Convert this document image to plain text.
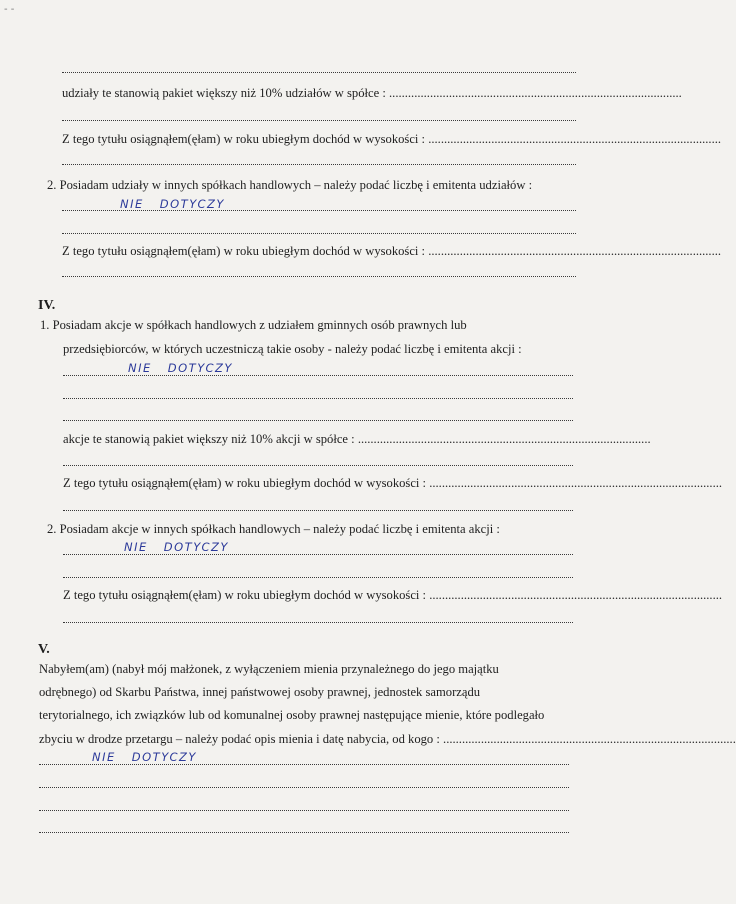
- -
udziały te stanowią pakiet większy niż 10% udziałów w spółce : .............................................................................................
Z tego tytułu osiągnąłem(ęłam) w roku ubiegłym dochód w wysokości : .............................................................................................
2. Posiadam udziały w innych spółkach handlowych – należy podać liczbę i emitenta udziałów :
NIE DOTYCZY
Z tego tytułu osiągnąłem(ęłam) w roku ubiegłym dochód w wysokości : .............................................................................................
IV.
1. Posiadam akcje w spółkach handlowych z udziałem gminnych osób prawnych lub
przedsiębiorców, w których uczestniczą takie osoby - należy podać liczbę i emitenta akcji :
NIE DOTYCZY
akcje te stanowią pakiet większy niż 10% akcji w spółce : .............................................................................................
Z tego tytułu osiągnąłem(ęłam) w roku ubiegłym dochód w wysokości : .............................................................................................
2. Posiadam akcje w innych spółkach handlowych – należy podać liczbę i emitenta akcji :
NIE DOTYCZY
Z tego tytułu osiągnąłem(ęłam) w roku ubiegłym dochód w wysokości : .............................................................................................
V.
Nabyłem(am) (nabył mój małżonek, z wyłączeniem mienia przynależnego do jego majątku
odrębnego) od Skarbu Państwa, innej państwowej osoby prawnej, jednostek samorządu
terytorialnego, ich związków lub od komunalnej osoby prawnej następujące mienie, które podlegało
zbyciu w drodze przetargu – należy podać opis mienia i datę nabycia, od kogo : .............................................................................................
NIE DOTYCZY
